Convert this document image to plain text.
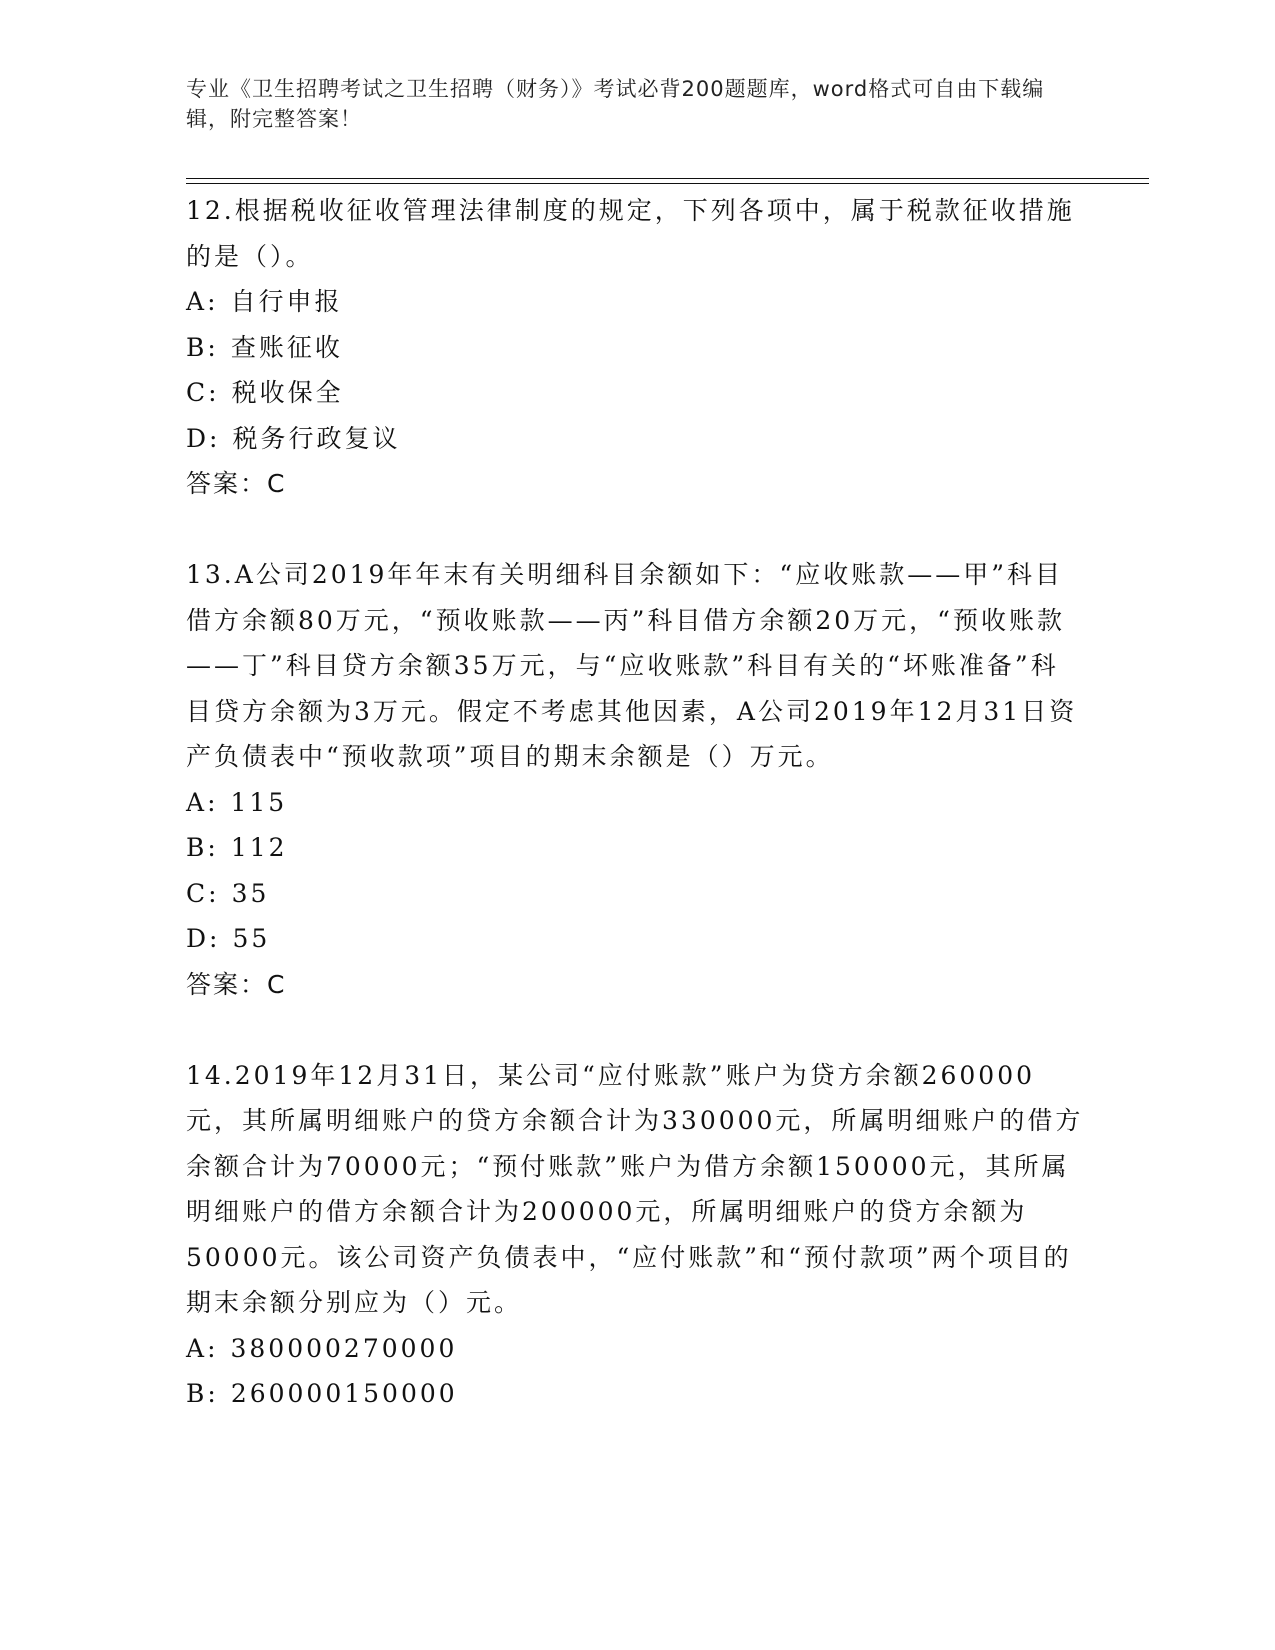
专业《卫生招聘考试之卫生招聘（财务）》考试必背200题题库，word格式可自由下载编辑，附完整答案！

12.根据税收征收管理法律制度的规定，下列各项中，属于税款征收措施的是（）。

A : 自行申报
B : 查账征收
C : 税收保全
D : 税务行政复议
答案：C

13.A公司2019年年末有关明细科目余额如下：“应收账款——甲”科目借方余额80万元，“预收账款——丙”科目借方余额20万元，“预收账款——丁”科目贷方余额35万元，与“应收账款”科目有关的“坏账准备”科目贷方余额为3万元。假定不考虑其他因素，A公司2019年12月31日资产负债表中“预收款项”项目的期末余额是（）万元。

A : 115
B : 112
C : 35
D : 55
答案：C

14.2019年12月31日，某公司“应付账款”账户为贷方余额260000元，其所属明细账户的贷方余额合计为330000元，所属明细账户的借方余额合计为70000元；“预付账款”账户为借方余额150000元，其所属明细账户的借方余额合计为200000元，所属明细账户的贷方余额为50000元。该公司资产负债表中，“应付账款”和“预付款项”两个项目的期末余额分别应为（）元。

A : 380000270000
B : 260000150000
